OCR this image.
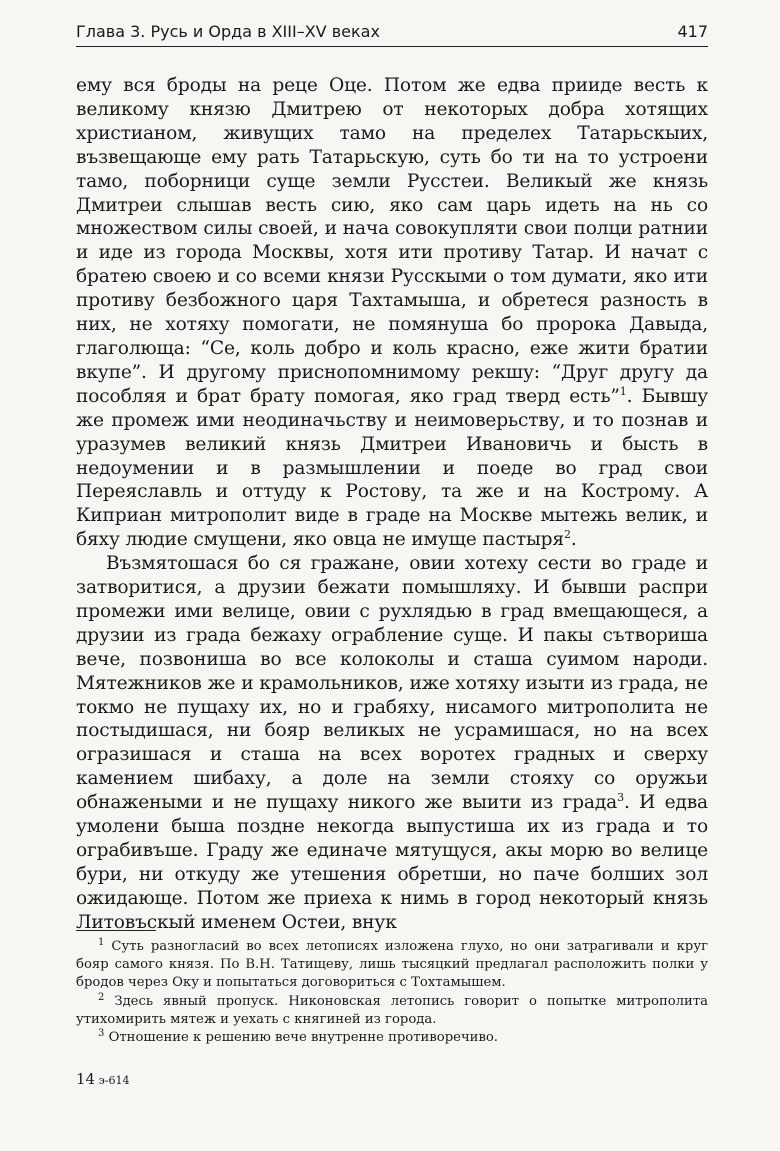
Глава 3. Русь и Орда в XIII–XV веках	417

ему вся броды на реце Оце. Потом же едва прииде весть к великому князю Дмитрею от некоторых добра хотящих христианом, живущих тамо на пределех Татарьскыих, възвещающе ему рать Татарьскую, суть бо ти на то устроени тамо, поборници суще земли Русстеи. Великый же князь Дмитреи слышав весть сию, яко сам царь идеть на нь со множеством силы своей, и нача совокупляти свои полци ратнии и иде из города Москвы, хотя ити противу Татар. И начат с братею своею и со всеми князи Русскыми о том думати, яко ити противу безбожного царя Тахтамыша, и обретеся разность в них, не хотяху помогати, не помянуша бо пророка Давыда, глаголюща: “Се, коль добро и коль красно, еже жити братии вкупе”. И другому приснопомнимому рекшу: “Друг другу да пособляя и брат брату помогая, яко град тверд есть”$^1$. Бывшу же промеж ими неодиначьству и неимоверьству, и то познав и уразумев великий князь Дмитреи Ивановичь и бысть в недоумении и в размышлении и поеде во град свои Переяславль и оттуду к Ростову, та же и на Кострому. А Киприан митрополит виде в граде на Москве мытежь велик, и бяху людие смущени, яко овца не имуще пастыря$^2$.

Възмятошася бо ся гражане, овии хотеху сести во граде и затворитися, а друзии бежати помышляху. И бывши распри промежи ими велице, овии с рухлядью в град вмещающеся, а друзии из града бежаху ограбление суще. И пакы сътвориша вече, позвониша во все колоколы и сташа суимом народи. Мятежников же и крамольников, иже хотяху изыти из града, не токмо не пущаху их, но и грабяху, нисамого митрополита не постыдишася, ни бояр великых не усрамишася, но на всех огразишася и сташа на всех воротех градных и сверху камением шибаху, а доле на земли стояху со оружьи обнажеными и не пущаху никого же выити из града$^3$. И едва умолени быша поздне некогда выпустиша их из града и то ограбивъше. Граду же единаче мятущуся, акы морю во велице бури, ни откуду же утешения обретши, но паче болших зол ожидающе. Потом же приеха к нимь в город некоторый князь Литовъскый именем Остеи, внук

$^1$ Суть разногласий во всех летописях изложена глухо, но они затрагивали и круг бояр самого князя. По В.Н. Татищеву, лишь тысяцкий предлагал расположить полки у бродов через Оку и попытаться договориться с Тохтамышем.

$^2$ Здесь явный пропуск. Никоновская летопись говорит о попытке митрополита утихомирить мятеж и уехать с княгиней из города.

$^3$ Отношение к решению вече внутренне противоречиво.

14 э-614
